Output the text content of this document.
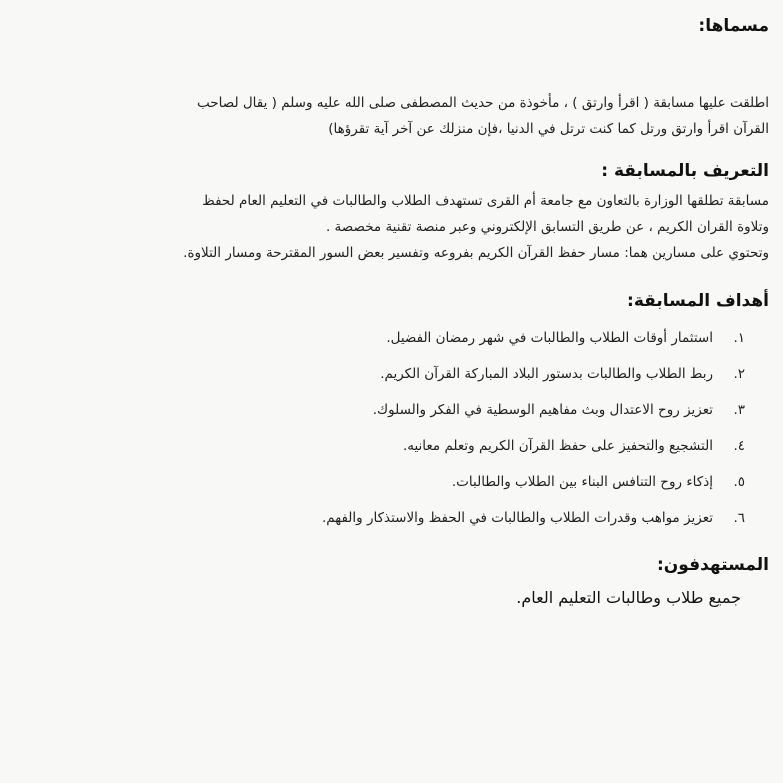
مسماها:

اطلقت عليها مسابقة ( اقرأ وارتق ) ، مأخوذة من حديث المصطفى صلى الله عليه وسلم ( يقال لصاحب

القرآن اقرأ وارتق ورتل كما كنت ترتل في الدنيا ،فإن منزلك عن آخر آية تقرؤها)

التعريف بالمسابقة :

مسابقة تطلقها الوزارة بالتعاون مع جامعة أم القرى تستهدف الطلاب والطالبات في التعليم العام لحفظ

وتلاوة القران الكريم ، عن طريق التسابق الإلكتروني وعبر منصة تقنية مخصصة .

وتحتوي على مسارين هما: مسار حفظ القرآن الكريم بفروعه وتفسير بعض السور المقترحة ومسار التلاوة.

أهداف المسابقة:
١.
استثمار أوقات الطلاب والطالبات في شهر رمضان الفضيل.
٢.
ربط الطلاب والطالبات بدستور البلاد المباركة القرآن الكريم.
٣.
تعزيز روح الاعتدال وبث مفاهيم الوسطية في الفكر والسلوك.
٤.
التشجيع والتحفيز على حفظ القرآن الكريم وتعلم معانيه.
٥.
إذكاء روح التنافس البناء بين الطلاب والطالبات.
٦.
تعزيز مواهب وقدرات الطلاب والطالبات في الحفظ والاستذكار والفهم.
المستهدفون:

جميع طلاب وطالبات التعليم العام.
